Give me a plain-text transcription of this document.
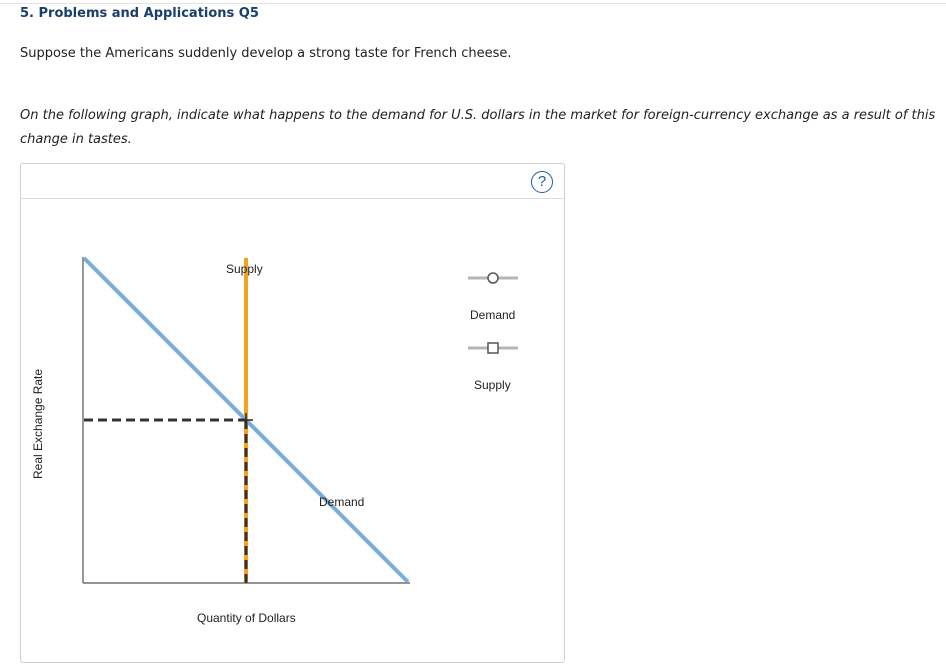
5. Problems and Applications Q5
Suppose the Americans suddenly develop a strong taste for French cheese.
On the following graph, indicate what happens to the demand for U.S. dollars in the market for foreign-currency exchange as a result of this change in tastes.
?
Supply
Demand
Quantity of Dollars
Real Exchange Rate
Demand
Supply
